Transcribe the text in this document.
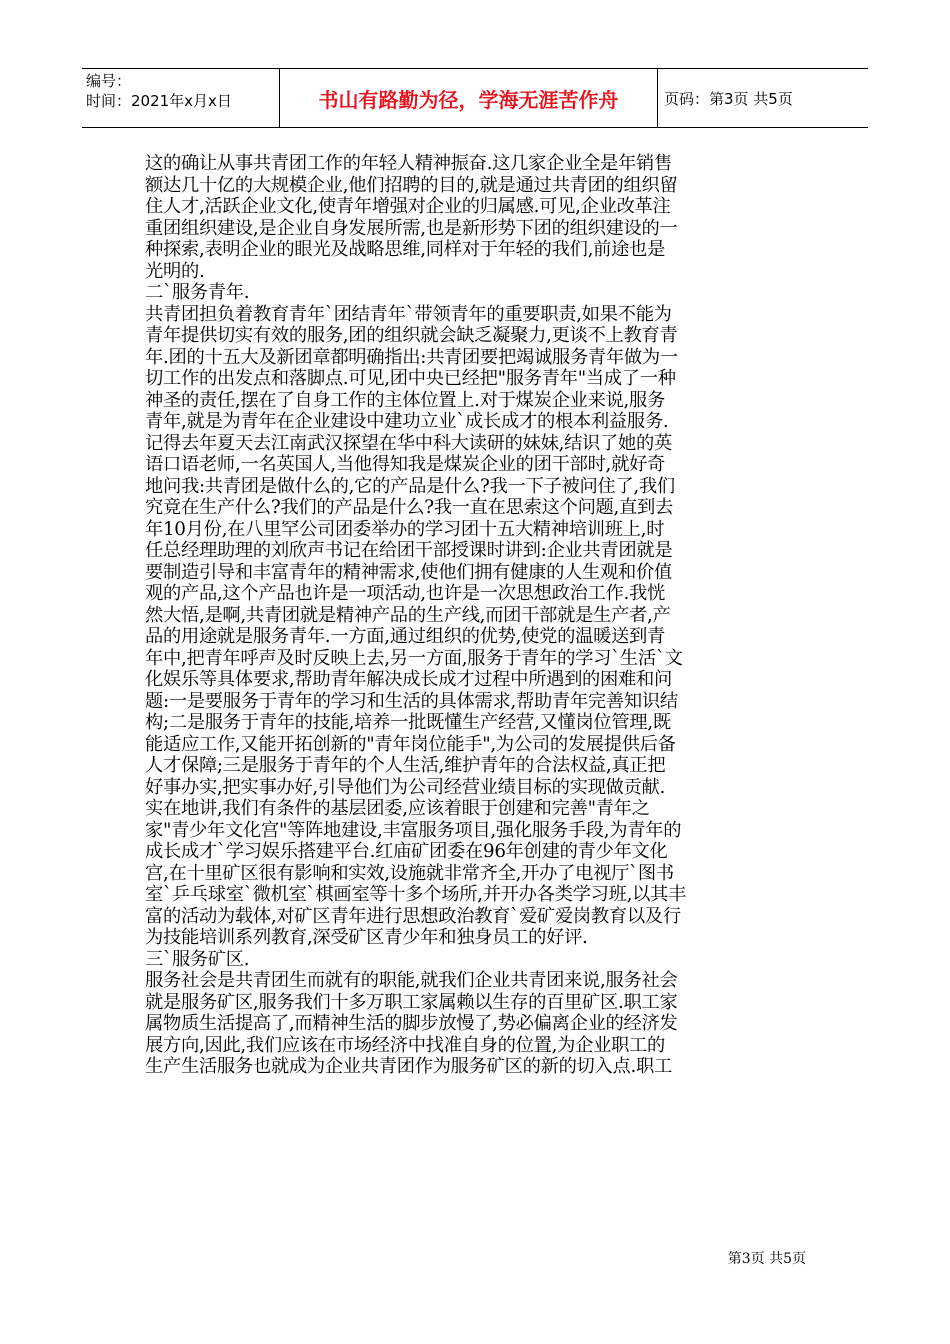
编号：
时间：2021年x月x日	书山有路勤为径，学海无涯苦作舟	页码：第3页 共5页
这的确让从事共青团工作的年轻人精神振奋.这几家企业全是年销售
额达几十亿的大规模企业,他们招聘的目的,就是通过共青团的组织留
住人才,活跃企业文化,使青年增强对企业的归属感.可见,企业改革注
重团组织建设,是企业自身发展所需,也是新形势下团的组织建设的一
种探索,表明企业的眼光及战略思维,同样对于年轻的我们,前途也是
光明的.
二`服务青年.
共青团担负着教育青年`团结青年`带领青年的重要职责,如果不能为
青年提供切实有效的服务,团的组织就会缺乏凝聚力,更谈不上教育青
年.团的十五大及新团章都明确指出:共青团要把竭诚服务青年做为一
切工作的出发点和落脚点.可见,团中央已经把"服务青年"当成了一种
神圣的责任,摆在了自身工作的主体位置上.对于煤炭企业来说,服务
青年,就是为青年在企业建设中建功立业`成长成才的根本利益服务.
记得去年夏天去江南武汉探望在华中科大读研的妹妹,结识了她的英
语口语老师,一名英国人,当他得知我是煤炭企业的团干部时,就好奇
地问我:共青团是做什么的,它的产品是什么?我一下子被问住了,我们
究竟在生产什么?我们的产品是什么?我一直在思索这个问题,直到去
年10月份,在八里罕公司团委举办的学习团十五大精神培训班上,时
任总经理助理的刘欣声书记在给团干部授课时讲到:企业共青团就是
要制造引导和丰富青年的精神需求,使他们拥有健康的人生观和价值
观的产品,这个产品也许是一项活动,也许是一次思想政治工作.我恍
然大悟,是啊,共青团就是精神产品的生产线,而团干部就是生产者,产
品的用途就是服务青年.一方面,通过组织的优势,使党的温暖送到青
年中,把青年呼声及时反映上去,另一方面,服务于青年的学习`生活`文
化娱乐等具体要求,帮助青年解决成长成才过程中所遇到的困难和问
题:一是要服务于青年的学习和生活的具体需求,帮助青年完善知识结
构;二是服务于青年的技能,培养一批既懂生产经营,又懂岗位管理,既
能适应工作,又能开拓创新的"青年岗位能手",为公司的发展提供后备
人才保障;三是服务于青年的个人生活,维护青年的合法权益,真正把
好事办实,把实事办好,引导他们为公司经营业绩目标的实现做贡献.
实在地讲,我们有条件的基层团委,应该着眼于创建和完善"青年之
家"青少年文化宫"等阵地建设,丰富服务项目,强化服务手段,为青年的
成长成才`学习娱乐搭建平台.红庙矿团委在96年创建的青少年文化
宫,在十里矿区很有影响和实效,设施就非常齐全,开办了电视厅`图书
室`乒乓球室`微机室`棋画室等十多个场所,并开办各类学习班,以其丰
富的活动为载体,对矿区青年进行思想政治教育`爱矿爱岗教育以及行
为技能培训系列教育,深受矿区青少年和独身员工的好评.
三`服务矿区.
服务社会是共青团生而就有的职能,就我们企业共青团来说,服务社会
就是服务矿区,服务我们十多万职工家属赖以生存的百里矿区.职工家
属物质生活提高了,而精神生活的脚步放慢了,势必偏离企业的经济发
展方向,因此,我们应该在市场经济中找准自身的位置,为企业职工的
生产生活服务也就成为企业共青团作为服务矿区的新的切入点.职工
第3页 共5页
